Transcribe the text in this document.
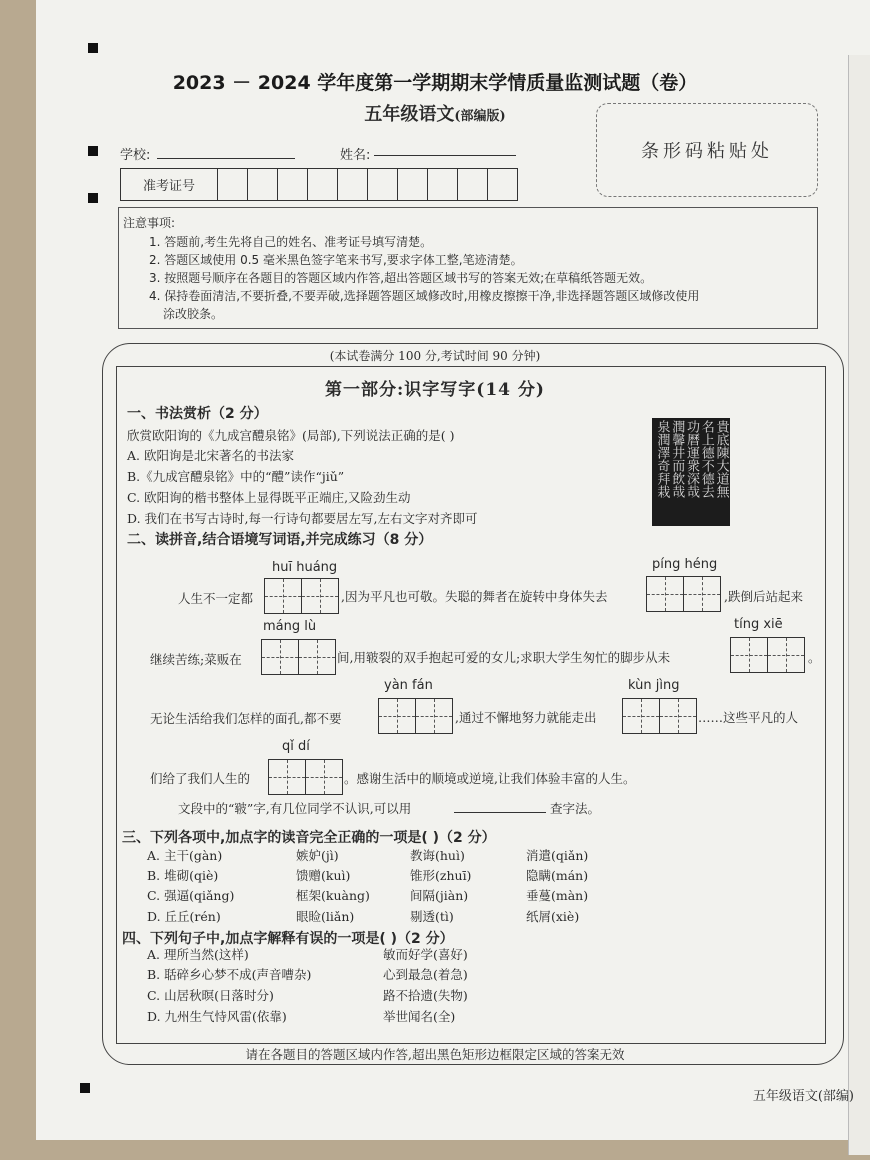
2023 － 2024 学年度第一学期期末学情质量监测试题（卷）
五年级语文(部编版)
条形码粘贴处
学校:	姓名:
准考证号
注意事项:
1. 答题前,考生先将自己的姓名、准考证号填写清楚。
2. 答题区域使用 0.5 毫米黑色签字笔来书写,要求字体工整,笔迹清楚。
3. 按照题号顺序在各题目的答题区域内作答,超出答题区域书写的答案无效;在草稿纸答题无效。
4. 保持卷面清洁,不要折叠,不要弄破,选择题答题区域修改时,用橡皮擦擦干净,非选择题答题区域修改使用
涂改胶条。
(本试卷满分 100 分,考试时间 90 分钟)
第一部分:识字写字(14 分)
一、书法赏析（2 分）
欣赏欧阳询的《九成宫醴泉铭》(局部),下列说法正确的是( )
A. 欧阳询是北宋著名的书法家
B.《九成宫醴泉铭》中的“醴”读作“jiǔ”
C. 欧阳询的楷书整体上显得既平正端庄,又险劲生动
D. 我们在书写古诗时,每一行诗句都要居左写,左右文字对齐即可
貴底陳大道無
名上德不德去
功曆運衆深哉
潤馨井而飲哉
泉潤澤奇拜栽
二、读拼音,结合语境写词语,并完成练习（8 分）
huī huáng	píng héng
人生不一定都	,因为平凡也可敬。失聪的舞者在旋转中身体失去	,跌倒后站起来
máng lù	tíng xiē
继续苦练;菜贩在	间,用皲裂的双手抱起可爱的女儿;求职大学生匆忙的脚步从未	。
yàn fán	kùn jìng
无论生活给我们怎样的面孔,都不要	,通过不懈地努力就能走出	……这些平凡的人
qǐ dí
们给了我们人生的	。感谢生活中的顺境或逆境,让我们体验丰富的人生。
文段中的“皲”字,有几位同学不认识,可以用	查字法。
三、下列各项中,加点字的读音完全正确的一项是( )（2 分）
A. 主干(gàn)	嫉妒(jì)	教诲(huì)	消遣(qiǎn)
B. 堆砌(qiè)	馈赠(kuì)	锥形(zhuī)	隐瞒(mán)
C. 强逼(qiǎng)	框架(kuàng)	间隔(jiàn)	垂蔓(màn)
D. 丘丘(rén)	眼睑(liǎn)	剔透(tì)	纸屑(xiè)
四、下列句子中,加点字解释有误的一项是( )（2 分）
A. 理所当然(这样)	敏而好学(喜好)
B. 聒碎乡心梦不成(声音嘈杂)	心到最急(着急)
C. 山居秋暝(日落时分)	路不拾遗(失物)
D. 九州生气恃风雷(依靠)	举世闻名(全)
请在各题目的答题区域内作答,超出黑色矩形边框限定区域的答案无效
五年级语文(部编)
